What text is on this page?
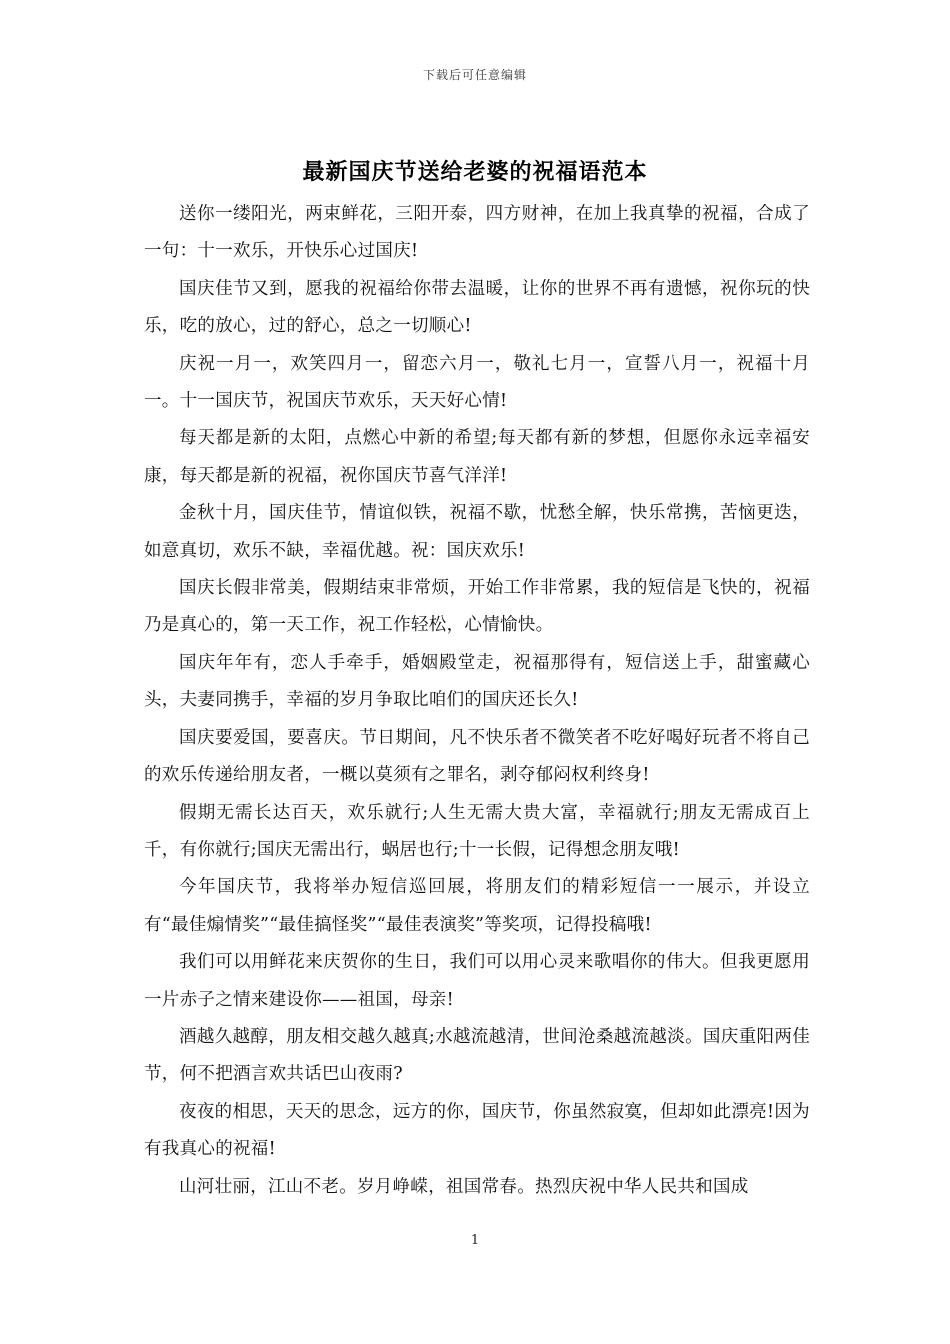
下载后可任意编辑
最新国庆节送给老婆的祝福语范本

送你一缕阳光，两束鲜花，三阳开泰，四方财神，在加上我真挚的祝福，合成了一句：十一欢乐，开快乐心过国庆!

国庆佳节又到，愿我的祝福给你带去温暖，让你的世界不再有遗憾，祝你玩的快乐，吃的放心，过的舒心，总之一切顺心!

庆祝一月一，欢笑四月一，留恋六月一，敬礼七月一，宣誓八月一，祝福十月一。十一国庆节，祝国庆节欢乐，天天好心情!

每天都是新的太阳，点燃心中新的希望;每天都有新的梦想，但愿你永远幸福安康，每天都是新的祝福，祝你国庆节喜气洋洋!

金秋十月，国庆佳节，情谊似铁，祝福不歇，忧愁全解，快乐常携，苦恼更迭，如意真切，欢乐不缺，幸福优越。祝：国庆欢乐!

国庆长假非常美，假期结束非常烦，开始工作非常累，我的短信是飞快的，祝福乃是真心的，第一天工作，祝工作轻松，心情愉快。

国庆年年有，恋人手牵手，婚姻殿堂走，祝福那得有，短信送上手，甜蜜藏心头，夫妻同携手，幸福的岁月争取比咱们的国庆还长久!

国庆要爱国，要喜庆。节日期间，凡不快乐者不微笑者不吃好喝好玩者不将自己的欢乐传递给朋友者，一概以莫须有之罪名，剥夺郁闷权利终身!

假期无需长达百天，欢乐就行;人生无需大贵大富，幸福就行;朋友无需成百上千，有你就行;国庆无需出行，蜗居也行;十一长假，记得想念朋友哦!

今年国庆节，我将举办短信巡回展，将朋友们的精彩短信一一展示，并设立有“最佳煽情奖”“最佳搞怪奖”“最佳表演奖”等奖项，记得投稿哦!

我们可以用鲜花来庆贺你的生日，我们可以用心灵来歌唱你的伟大。但我更愿用一片赤子之情来建设你——祖国，母亲!

酒越久越醇，朋友相交越久越真;水越流越清，世间沧桑越流越淡。国庆重阳两佳节，何不把酒言欢共话巴山夜雨?

夜夜的相思，天天的思念，远方的你，国庆节，你虽然寂寞，但却如此漂亮!因为有我真心的祝福!

山河壮丽，江山不老。岁月峥嵘，祖国常春。热烈庆祝中华人民共和国成

1
